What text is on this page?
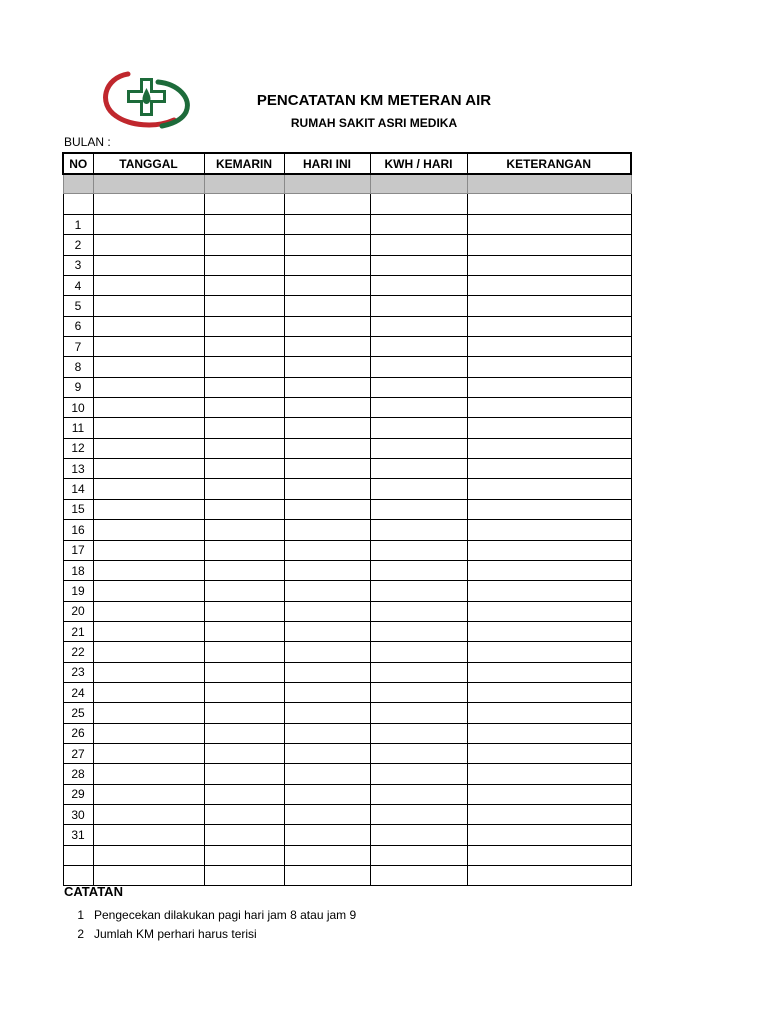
PENCATATAN KM METERAN AIR
RUMAH SAKIT ASRI MEDIKA
BULAN :
NO	TANGGAL	KEMARIN	HARI INI	KWH / HARI	KETERANGAN

1					
2					
3					
4					
5					
6					
7					
8					
9					
10					
11					
12					
13					
14					
15					
16					
17					
18					
19					
20					
21					
22					
23					
24					
25					
26					
27					
28					
29					
30					
31					

CATATAN
1 Pengecekan dilakukan pagi hari jam 8 atau jam 9
2 Jumlah KM perhari harus terisi
